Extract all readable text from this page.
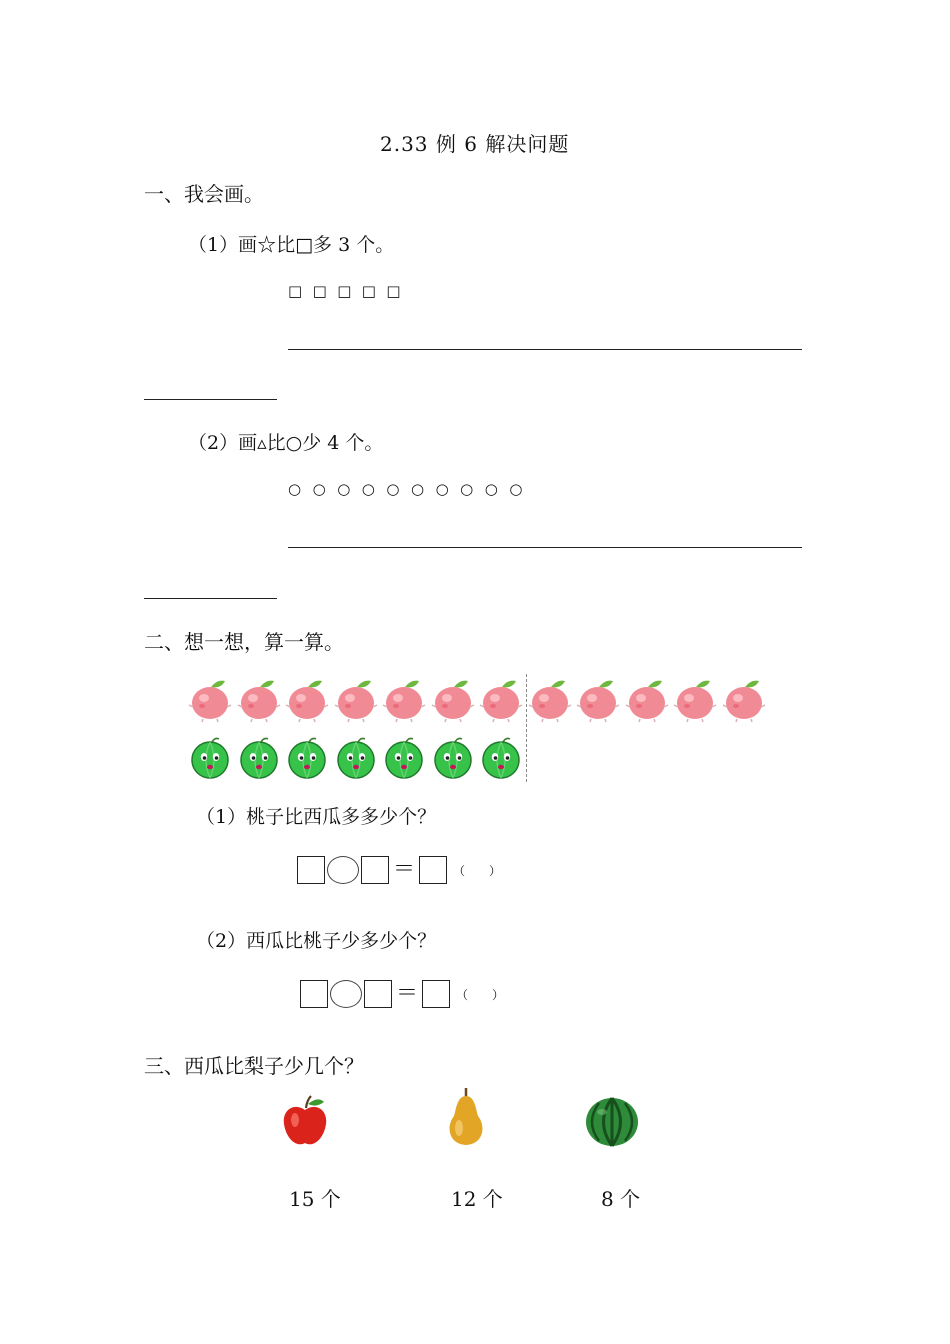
2.33 例 6 解决问题
一、我会画。
（1）画☆比□多 3 个。
□ □ □ □ □
（2）画▵比○少 4 个。
○ ○ ○ ○ ○ ○ ○ ○ ○ ○
二、想一想，算一算。
（1）桃子比西瓜多多少个？
＝	（　　）
（2）西瓜比桃子少多少个？
＝	（　　）
三、西瓜比梨子少几个？
15 个	12 个	8 个
